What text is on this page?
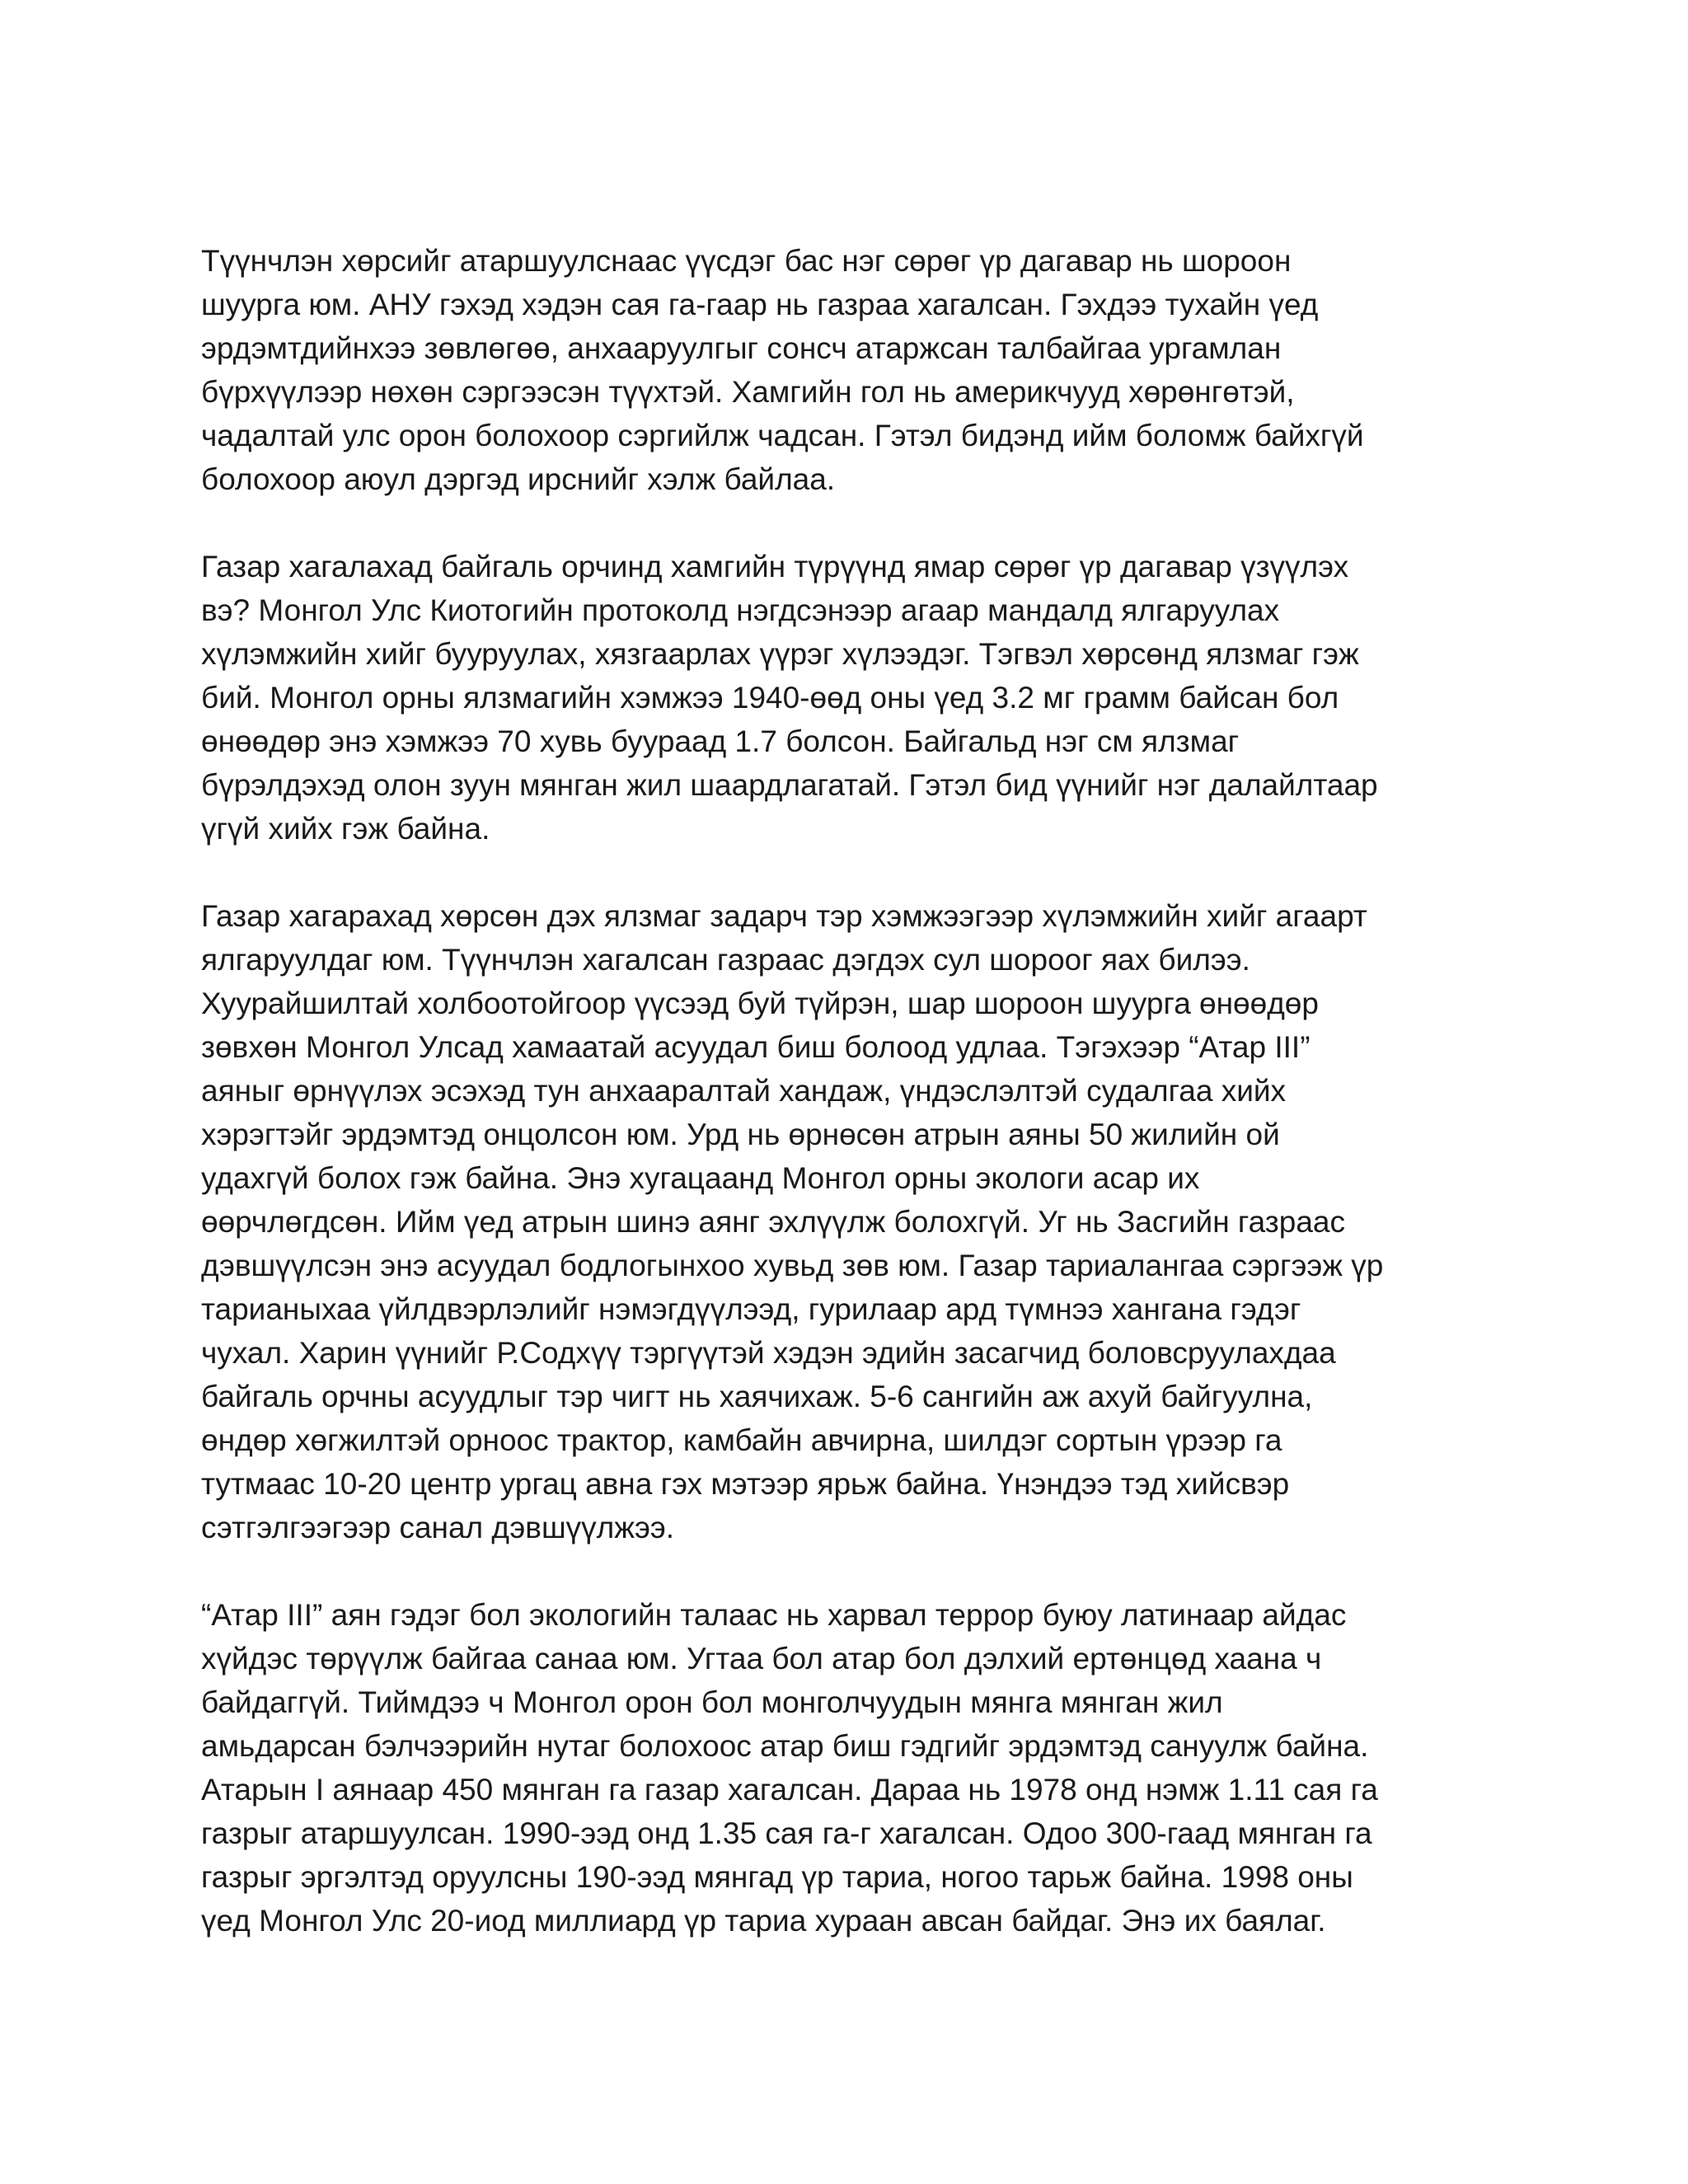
Түүнчлэн хөрсийг атаршуулснаас үүсдэг бас нэг сөрөг үр дагавар нь шороон
шуурга юм. АНУ гэхэд хэдэн сая га-гаар нь газраа хагалсан. Гэхдээ тухайн үед
эрдэмтдийнхээ зөвлөгөө, анхааруулгыг сонсч атаржсан талбайгаа ургамлан
бүрхүүлээр нөхөн сэргээсэн түүхтэй. Хамгийн гол нь америкчууд хөрөнгөтэй,
чадалтай улс орон болохоор сэргийлж чадсан. Гэтэл бидэнд ийм боломж байхгүй
болохоор аюул дэргэд ирснийг хэлж байлаа.

Газар хагалахад байгаль орчинд хамгийн түрүүнд ямар сөрөг үр дагавар үзүүлэх
вэ? Монгол Улс Киотогийн протоколд нэгдсэнээр агаар мандалд ялгаруулах
хүлэмжийн хийг бууруулах, хязгаарлах үүрэг хүлээдэг. Тэгвэл хөрсөнд ялзмаг гэж
бий. Монгол орны ялзмагийн хэмжээ 1940-өөд оны үед 3.2 мг грамм байсан бол
өнөөдөр энэ хэмжээ 70 хувь буураад 1.7 болсон. Байгальд нэг см ялзмаг
бүрэлдэхэд олон зуун мянган жил шаардлагатай. Гэтэл бид үүнийг нэг далайлтаар
үгүй хийх гэж байна.

Газар хагарахад хөрсөн дэх ялзмаг задарч тэр хэмжээгээр хүлэмжийн хийг агаарт
ялгаруулдаг юм. Түүнчлэн хагалсан газраас дэгдэх сул шороог яах билээ.
Хуурайшилтай холбоотойгоор үүсээд буй түйрэн, шар шороон шуурга өнөөдөр
зөвхөн Монгол Улсад хамаатай асуудал биш болоод удлаа. Тэгэхээр “Атар III”
аяныг өрнүүлэх эсэхэд тун анхааралтай хандаж, үндэслэлтэй судалгаа хийх
хэрэгтэйг эрдэмтэд онцолсон юм. Урд нь өрнөсөн атрын аяны 50 жилийн ой
удахгүй болох гэж байна. Энэ хугацаанд Монгол орны экологи асар их
өөрчлөгдсөн. Ийм үед атрын шинэ аянг эхлүүлж болохгүй. Уг нь Засгийн газраас
дэвшүүлсэн энэ асуудал бодлогынхоо хувьд зөв юм. Газар тариалангаа сэргээж үр
тарианыхаа үйлдвэрлэлийг нэмэгдүүлээд, гурилаар ард түмнээ хангана гэдэг
чухал. Харин үүнийг Р.Содхүү тэргүүтэй хэдэн эдийн засагчид боловсруулахдаа
байгаль орчны асуудлыг тэр чигт нь хаячихаж. 5-6 сангийн аж ахуй байгуулна,
өндөр хөгжилтэй орноос трактор, камбайн авчирна, шилдэг сортын үрээр га
тутмаас 10-20 центр ургац авна гэх мэтээр ярьж байна. Үнэндээ тэд хийсвэр
сэтгэлгээгээр санал дэвшүүлжээ.

“Атар III” аян гэдэг бол экологийн талаас нь харвал террор буюу латинаар айдас
хүйдэс төрүүлж байгаа санаа юм. Угтаа бол атар бол дэлхий ертөнцөд хаана ч
байдаггүй. Тиймдээ ч Монгол орон бол монголчуудын мянга мянган жил
амьдарсан бэлчээрийн нутаг болохоос атар биш гэдгийг эрдэмтэд сануулж байна.
Атарын I аянаар 450 мянган га газар хагалсан. Дараа нь 1978 онд нэмж 1.11 сая га
газрыг атаршуулсан. 1990-ээд онд 1.35 сая га-г хагалсан. Одоо 300-гаад мянган га
газрыг эргэлтэд оруулсны 190-ээд мянгад үр тариа, ногоо тарьж байна. 1998 оны
үед Монгол Улс 20-иод миллиард үр тариа хураан авсан байдаг. Энэ их баялаг.
